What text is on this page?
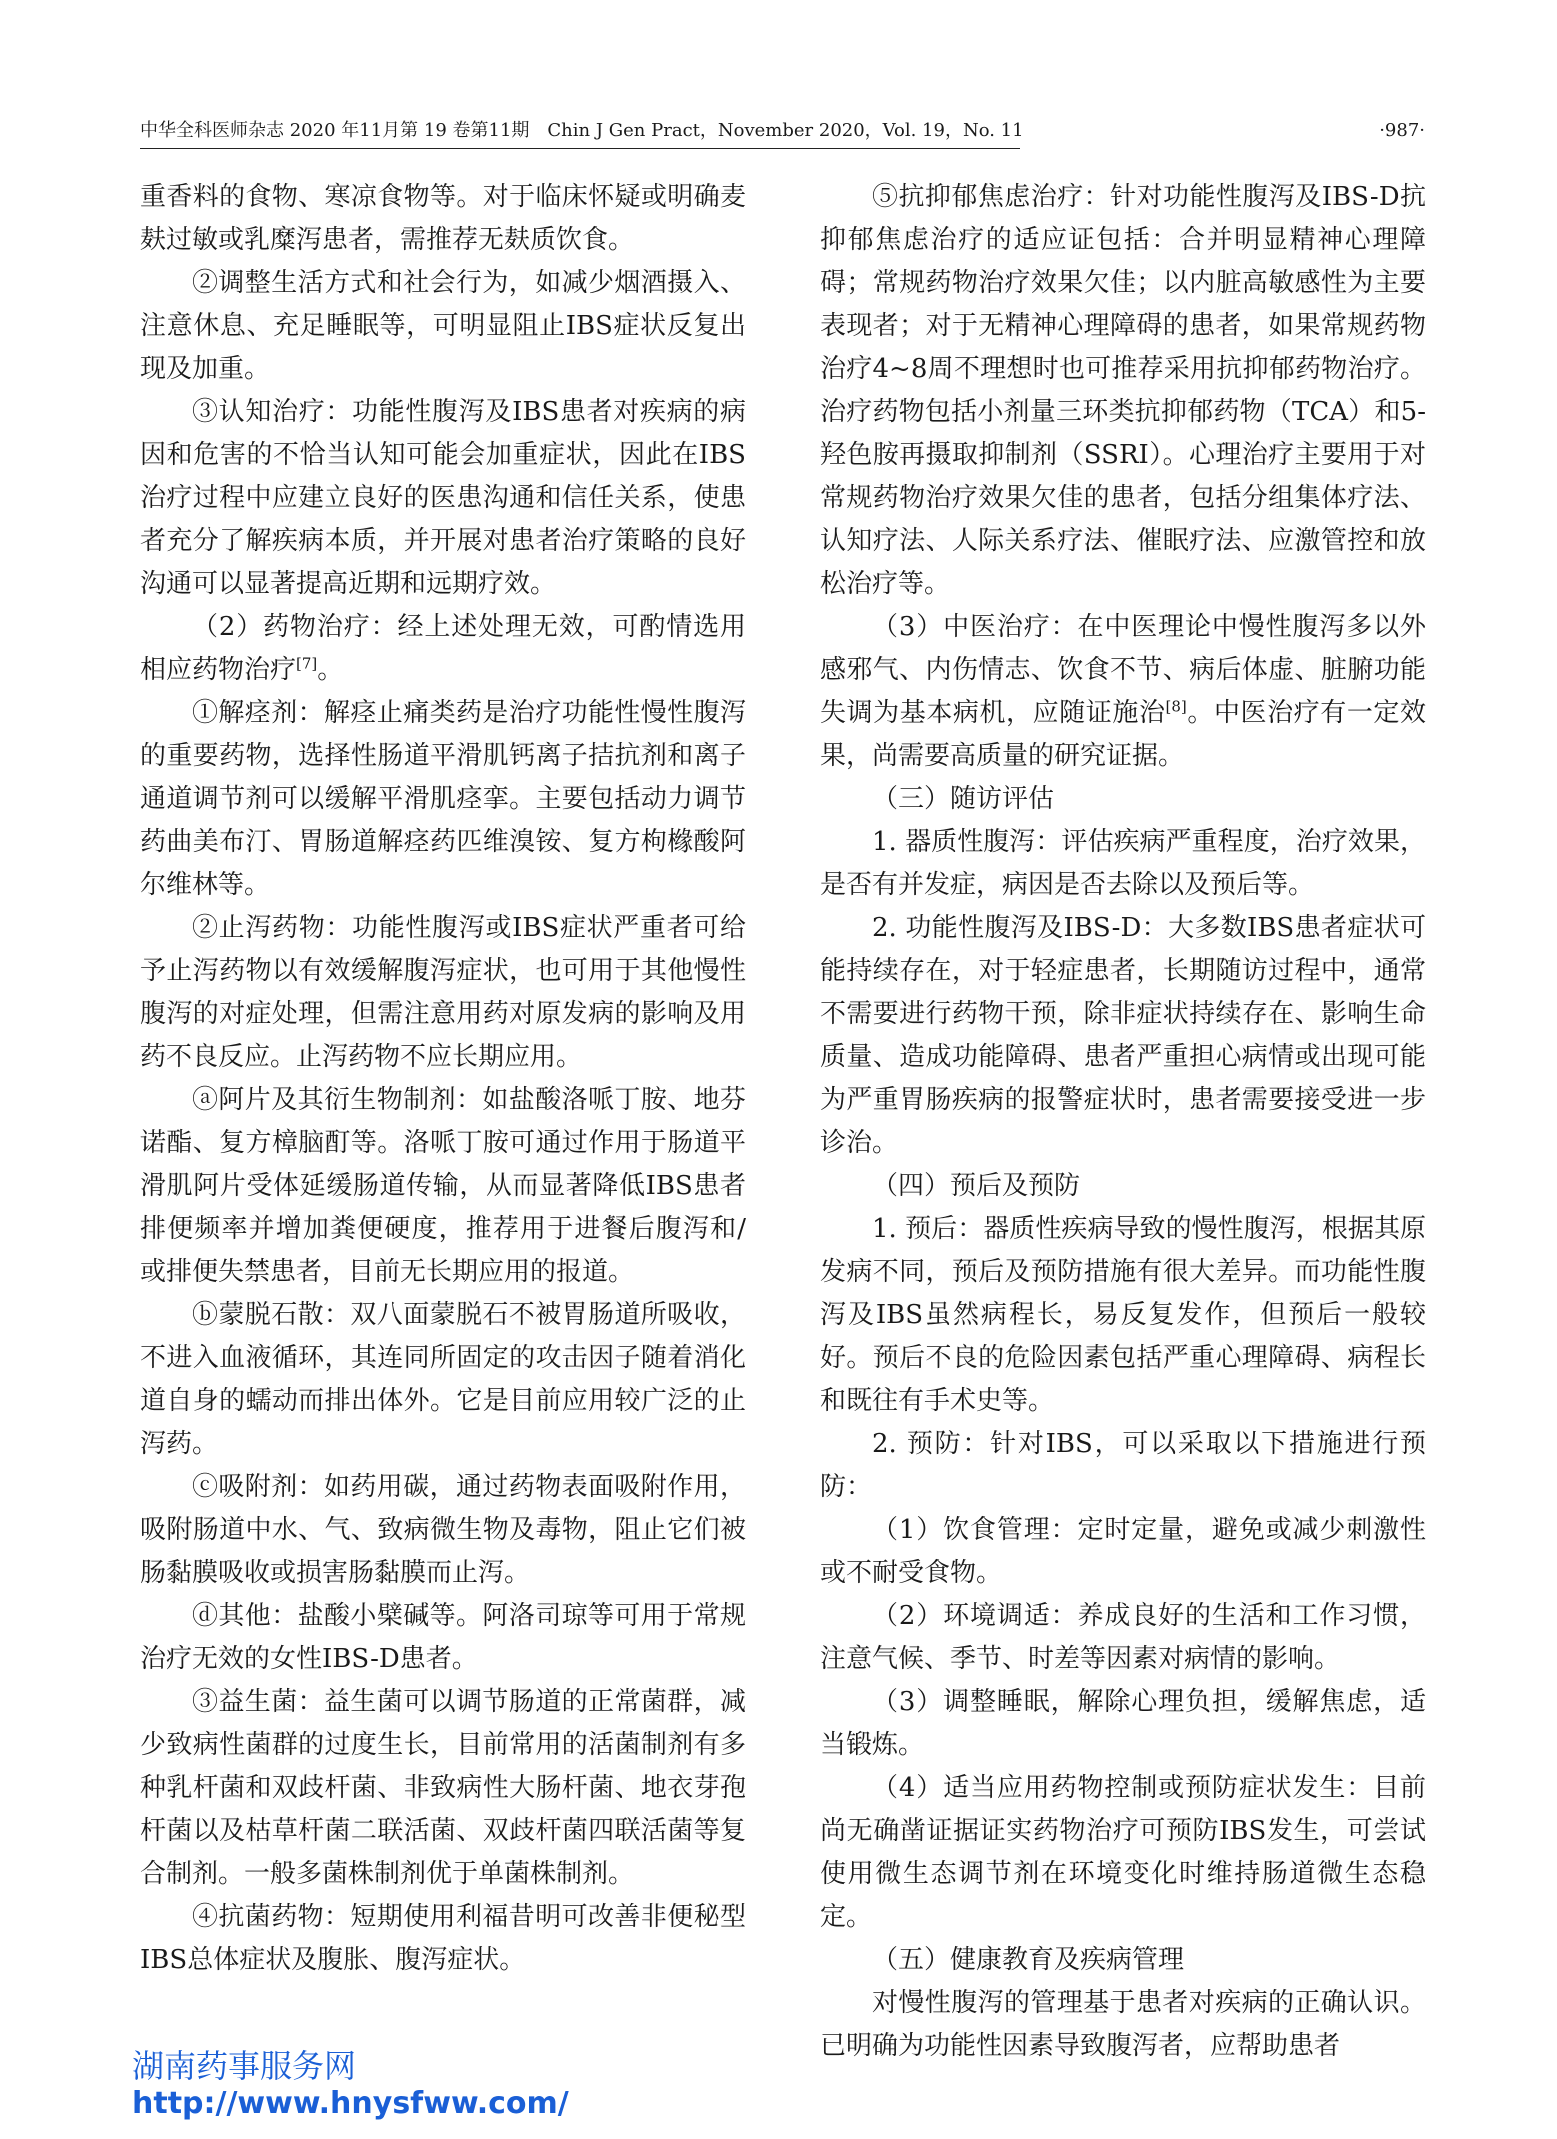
中华全科医师杂志 2020 年11月第 19 卷第11期　Chin J Gen Pract，November 2020，Vol. 19，No. 11	·987·

重香料的食物、寒凉食物等。对于临床怀疑或明确麦麸过敏或乳糜泻患者，需推荐无麸质饮食。

②调整生活方式和社会行为，如减少烟酒摄入、注意休息、充足睡眠等，可明显阻止IBS症状反复出现及加重。

③认知治疗：功能性腹泻及IBS患者对疾病的病因和危害的不恰当认知可能会加重症状，因此在IBS治疗过程中应建立良好的医患沟通和信任关系，使患者充分了解疾病本质，并开展对患者治疗策略的良好沟通可以显著提高近期和远期疗效。

（2）药物治疗：经上述处理无效，可酌情选用相应药物治疗[7]。

①解痉剂：解痉止痛类药是治疗功能性慢性腹泻的重要药物，选择性肠道平滑肌钙离子拮抗剂和离子通道调节剂可以缓解平滑肌痉挛。主要包括动力调节药曲美布汀、胃肠道解痉药匹维溴铵、复方枸橼酸阿尔维林等。

②止泻药物：功能性腹泻或IBS症状严重者可给予止泻药物以有效缓解腹泻症状，也可用于其他慢性腹泻的对症处理，但需注意用药对原发病的影响及用药不良反应。止泻药物不应长期应用。

ⓐ阿片及其衍生物制剂：如盐酸洛哌丁胺、地芬诺酯、复方樟脑酊等。洛哌丁胺可通过作用于肠道平滑肌阿片受体延缓肠道传输，从而显著降低IBS患者排便频率并增加粪便硬度，推荐用于进餐后腹泻和/或排便失禁患者，目前无长期应用的报道。

ⓑ蒙脱石散：双八面蒙脱石不被胃肠道所吸收，不进入血液循环，其连同所固定的攻击因子随着消化道自身的蠕动而排出体外。它是目前应用较广泛的止泻药。

ⓒ吸附剂：如药用碳，通过药物表面吸附作用，吸附肠道中水、气、致病微生物及毒物，阻止它们被肠黏膜吸收或损害肠黏膜而止泻。

ⓓ其他：盐酸小檗碱等。阿洛司琼等可用于常规治疗无效的女性IBS-D患者。

③益生菌：益生菌可以调节肠道的正常菌群，减少致病性菌群的过度生长，目前常用的活菌制剂有多种乳杆菌和双歧杆菌、非致病性大肠杆菌、地衣芽孢杆菌以及枯草杆菌二联活菌、双歧杆菌四联活菌等复合制剂。一般多菌株制剂优于单菌株制剂。

④抗菌药物：短期使用利福昔明可改善非便秘型IBS总体症状及腹胀、腹泻症状。

⑤抗抑郁焦虑治疗：针对功能性腹泻及IBS-D抗抑郁焦虑治疗的适应证包括：合并明显精神心理障碍；常规药物治疗效果欠佳；以内脏高敏感性为主要表现者；对于无精神心理障碍的患者，如果常规药物治疗4~8周不理想时也可推荐采用抗抑郁药物治疗。治疗药物包括小剂量三环类抗抑郁药物（TCA）和5-羟色胺再摄取抑制剂（SSRI）。心理治疗主要用于对常规药物治疗效果欠佳的患者，包括分组集体疗法、认知疗法、人际关系疗法、催眠疗法、应激管控和放松治疗等。

（3）中医治疗：在中医理论中慢性腹泻多以外感邪气、内伤情志、饮食不节、病后体虚、脏腑功能失调为基本病机，应随证施治[8]。中医治疗有一定效果，尚需要高质量的研究证据。

（三）随访评估

1. 器质性腹泻：评估疾病严重程度，治疗效果，是否有并发症，病因是否去除以及预后等。

2. 功能性腹泻及IBS-D：大多数IBS患者症状可能持续存在，对于轻症患者，长期随访过程中，通常不需要进行药物干预，除非症状持续存在、影响生命质量、造成功能障碍、患者严重担心病情或出现可能为严重胃肠疾病的报警症状时，患者需要接受进一步诊治。

（四）预后及预防

1. 预后：器质性疾病导致的慢性腹泻，根据其原发病不同，预后及预防措施有很大差异。而功能性腹泻及IBS虽然病程长，易反复发作，但预后一般较好。预后不良的危险因素包括严重心理障碍、病程长和既往有手术史等。

2. 预防：针对IBS，可以采取以下措施进行预防：

（1）饮食管理：定时定量，避免或减少刺激性或不耐受食物。

（2）环境调适：养成良好的生活和工作习惯，注意气候、季节、时差等因素对病情的影响。

（3）调整睡眠，解除心理负担，缓解焦虑，适当锻炼。

（4）适当应用药物控制或预防症状发生：目前尚无确凿证据证实药物治疗可预防IBS发生，可尝试使用微生态调节剂在环境变化时维持肠道微生态稳定。

（五）健康教育及疾病管理

对慢性腹泻的管理基于患者对疾病的正确认识。已明确为功能性因素导致腹泻者，应帮助患者

湖南药事服务网
http://www.hnysfww.com/
